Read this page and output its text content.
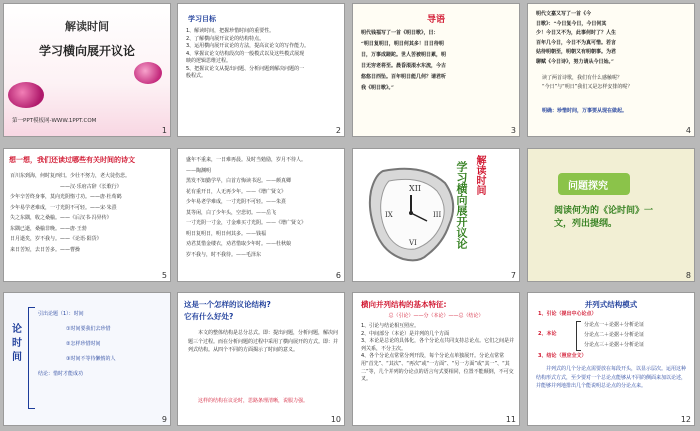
解读时间
学习横向展开议论
第一PPT模板网-WWW.1PPT.COM
1
学习目标
1、解读时间，把握珍惜时间的重要性。
2、了解横向展开议论的结构特点。
3、运用横向展开议论的方法，提高议论文的写作能力。
4、掌握议论文结构段次的一般模式以及这些模式展现
映的逻辑思维过程。
5、把握议论文从提出问题、分析问题到解决问题的一
般程式。
2
导语
明代钱福写了一首《明日歌》，曰：
“明日复明日，明日何其多！日日待明
日，万事成蹉跎。世人苦被明日累，明
日无穷老将至。晨昏滚滚水东流，今古
悠悠日西坠。百年明日能几何？请君听
我《明日歌》。”
3
明代文嘉又写了一首《今
日歌》：“今日复今日，今日何其
少！今日又不为，此事何时了？人生
百年几今日，今日不为真可惜。若言
姑待明朝至，明朝又有明朝事。为君
聊赋《今日诗》，努力请从今日始。”
读了两首诗歌，我们有什么感触呢？
“今日”与“明日”我们又是怎样安排的呢？
明确：珍惜时间，万事要从现在做起。
4
想一想，我们还读过哪些有关时间的诗文
百川东到海，何时复西归。少壮不努力，老大徒伤悲。
——汉·乐府古辞《长歌行》
少年辛苦终身事，莫向光阴惰寸功。——唐·杜荀鹤
少年易学老难成，一寸光阴不可轻。——宋·朱熹
失之东隅，收之桑榆。——《后汉书·冯异传》
东隅已逝，桑榆非晚。——唐·王勃
日月逝矣，岁不我与。——《论语·阳货》
来日苦短，去日苦多。——曹操
5
盛年不重来，一日难再晨。及时当勉励，岁月不待人。
——陶渊明
黑发不知勤学早，白首方悔读书迟。——颜真卿
花有重开日，人无再少年。——《增广贤文》
少年易老学难成，一寸光阴不可轻。——朱熹
莫等闲，白了少年头，空悲切。——岳飞
一寸光阴一寸金，寸金难买寸光阴。——《增广贤文》
明日复明日，明日何其多。——钱福
劝君莫惜金缕衣，劝君惜取少年时。——杜秋娘
岁不我与，时不我待。——毛泽东
6
XII
III
VI
IX
解读时间
学习横向展开议论
7
问题探究
阅读何为的《论时间》一文，列出提纲。
8
论时间
引出论题（1）：时间
①时间要我们去珍惜
②怎样珍惜时间
③时间不等待懒惰的人
结论：惜时才能成功
9
这是一个怎样的议论结构?
它有什么好处?
本文的整体结构是总分总式。即：提出问题，分析问题，解决问题三个过程。而在分析问题的过程中采用了横向展开的方式。即：并列式结构。从四个不同的方面揭示了时间的意义。
这样的结构在议论时，思路条理清晰，说服力强。
10
横向并列结构的基本特征:
总（引论）——分（本论）——总（结论）
1、引论与结论相互照应。
2、中间部分（本论）是并列的几个方面
3、本论是总论的具体化，各个分论点共同支持总论点。它们之间是并列关系，不分主次。
4、各个分论点常常分列开段，每个分论点单独展开。分论点常常用“首先”、“其次”、“再次”或“一方面”、“另一方面”或“其一”、“其二”等，几个并列的分论点的语言句式要相同，位置不能颠倒，不可交叉。
11
并列式结构模式
1、引论（提出中心论点）
2、本论
分论点一＋论据＋分析论证
分论点二＋论据＋分析论证
分论点三＋论据＋分析论证
3、结论（照应全文）
并列式的几个分论点需要放在每段开头，以显示层次。运用这种结构形式方式，至少要对一个总论点能够从不同的侧面来加以论述，并能够并列地排出几个能说明总论点的分论点来。
12
